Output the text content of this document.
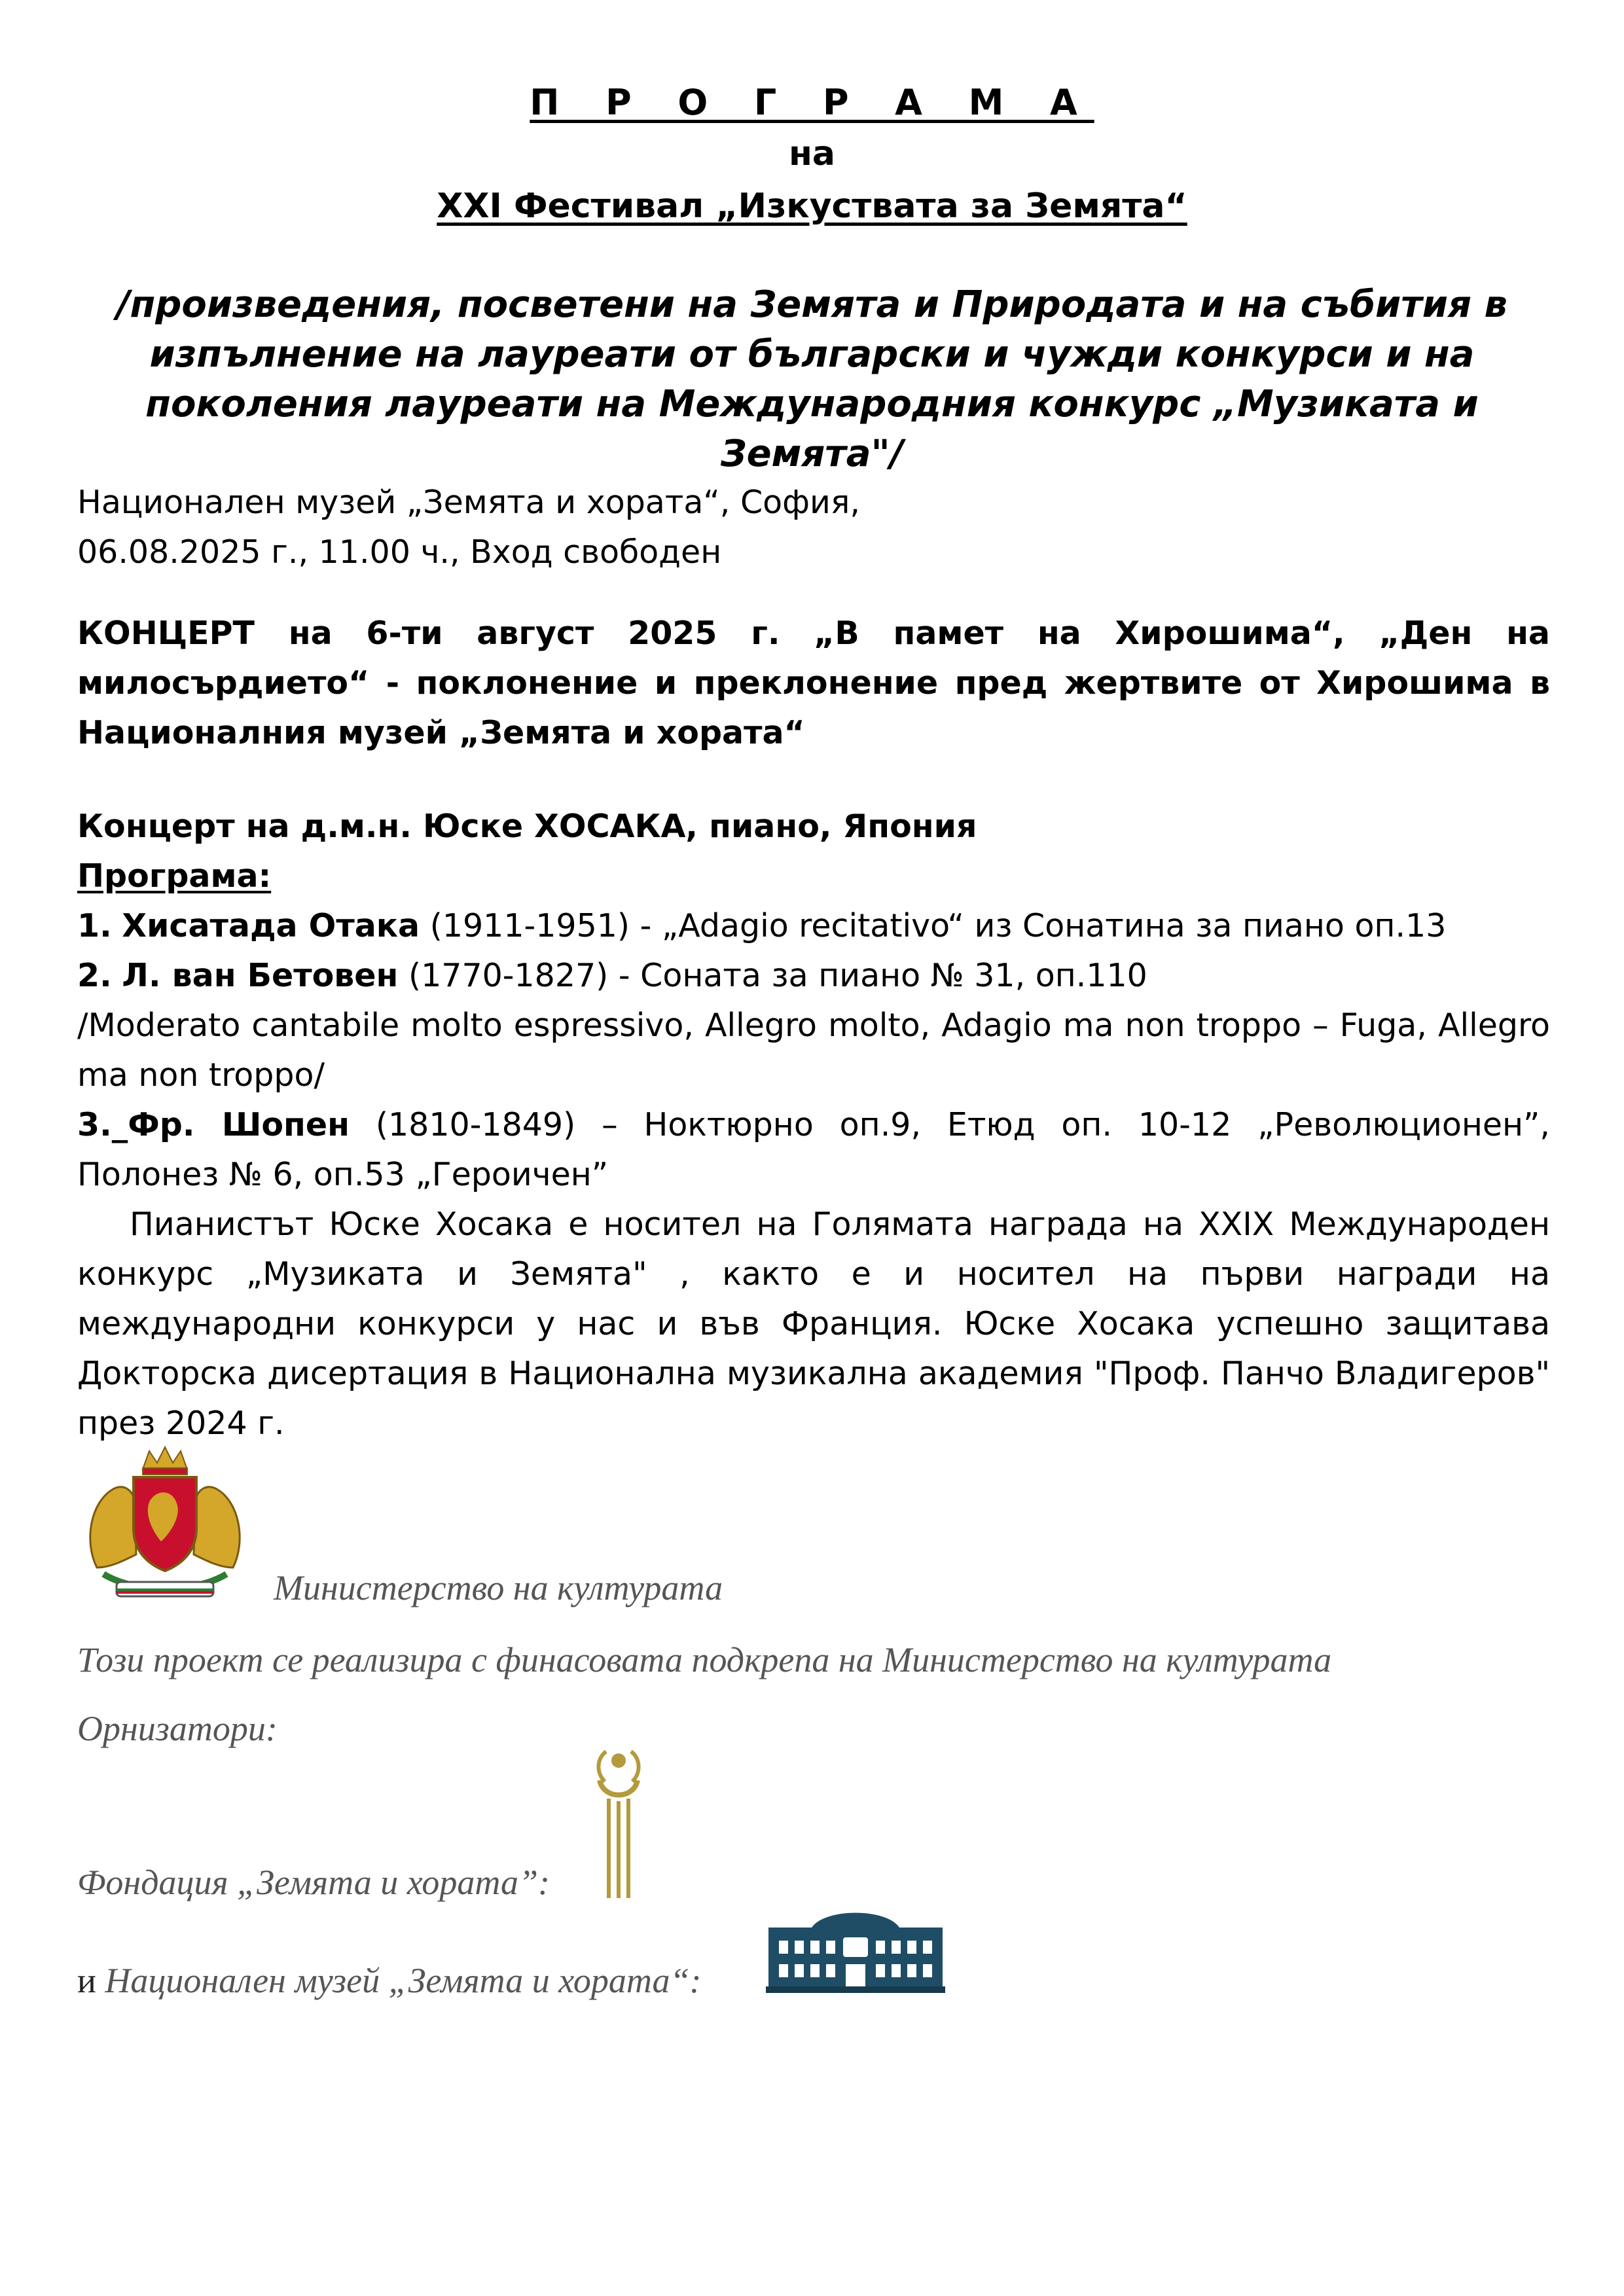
П Р О Г Р А М А
на
XXI Фестивал „Изкуствата за Земята“
/произведения, посветени на Земята и Природата и на събития в изпълнение на лауреати от български и чужди конкурси и на поколения лауреати на Международния конкурс „Музиката и Земята"/
Национален музей „Земята и хората“, София,
06.08.2025 г., 11.00 ч., Вход свободен
КОНЦЕРТ на 6-ти август 2025 г. „В памет на Хирошима“, „Ден на милосърдието“ - поклонение и преклонение пред жертвите от Хирошима в Националния музей „Земята и хората“
Концерт на д.м.н. Юске ХОСАКА, пиано, Япония
Програма:
1. Хисатада Отака (1911-1951) - „Adagio recitativo“ из Сонатина за пиано оп.13
2. Л. ван Бетовен (1770-1827) - Соната за пиано № 31, оп.110
/Moderato cantabile molto espressivo, Allegro molto, Adagio ma non troppo – Fuga, Allegro ma non troppo/
3._Фр. Шопен (1810-1849) – Ноктюрно оп.9, Етюд оп. 10-12 „Революционен”, Полонез № 6, оп.53 „Героичен”
Пианистът Юске Хосака е носител на Голямата награда на XXIX Международен конкурс „Музиката и Земята" , както е и носител на първи награди на международни конкурси у нас и във Франция. Юске Хосака успешно защитава Докторска дисертация в Национална музикална академия "Проф. Панчо Владигеров" през 2024 г.
Министерство на културата
Този проект се реализира с финасовата подкрепа на Министерство на културата
Орнизатори:
Фондация „Земята и хората”:
и Национален музей „Земята и хората“:
